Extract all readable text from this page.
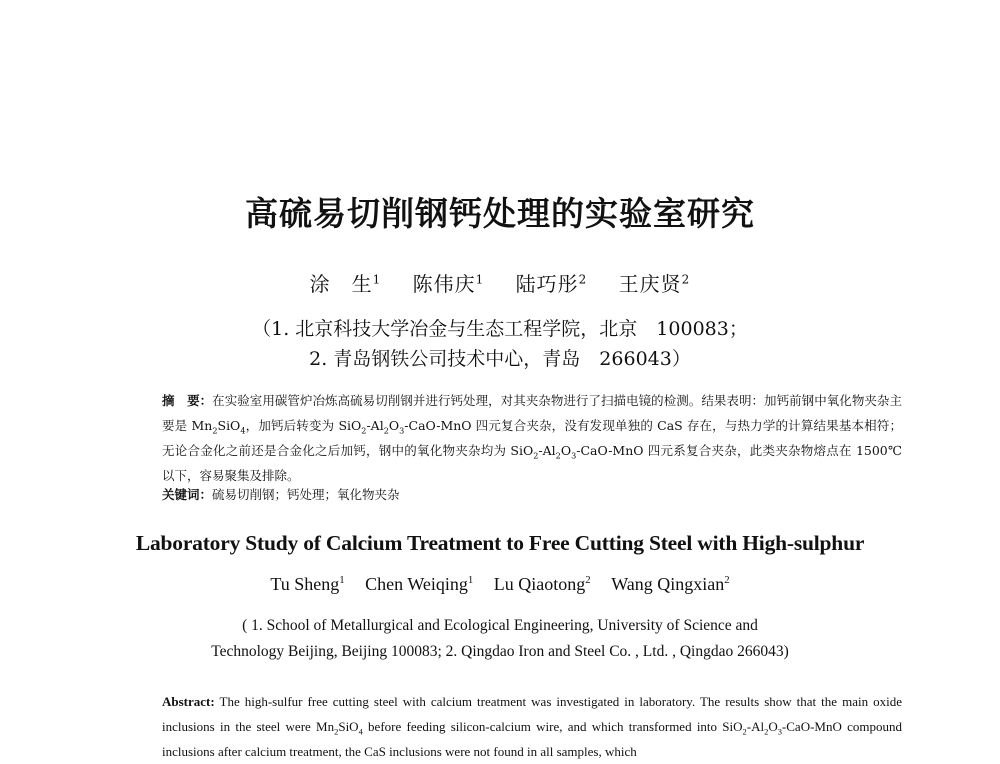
高硫易切削钢钙处理的实验室研究
涂　生$^1$ 陈伟庆$^1$ 陆巧彤$^2$ 王庆贤$^2$
（1. 北京科技大学冶金与生态工程学院，北京　100083；
2. 青岛钢铁公司技术中心，青岛　266043）
摘　要：在实验室用碳管炉冶炼高硫易切削钢并进行钙处理，对其夹杂物进行了扫描电镜的检测。结果表明：加钙前钢中氧化物夹杂主要是 $Mn_2SiO_4$，加钙后转变为 $SiO_2-Al_2O_3-CaO$-MnO 四元复合夹杂，没有发现单独的 CaS 存在，与热力学的计算结果基本相符；无论合金化之前还是合金化之后加钙，钢中的氧化物夹杂均为 $SiO_2-Al_2O_3-CaO$-MnO 四元系复合夹杂，此类夹杂物熔点在 1500℃以下，容易聚集及排除。
关键词：硫易切削钢；钙处理；氧化物夹杂
Laboratory Study of Calcium Treatment to Free Cutting Steel with High-sulphur
Tu Sheng$^1$ Chen Weiqing$^1$ Lu Qiaotong$^2$ Wang Qingxian$^2$
( 1. School of Metallurgical and Ecological Engineering, University of Science and
Technology Beijing, Beijing 100083; 2. Qingdao Iron and Steel Co. , Ltd. , Qingdao 266043)
Abstract: The high-sulfur free cutting steel with calcium treatment was investigated in laboratory. The results show that the main oxide inclusions in the steel were $Mn_2SiO_4$ before feeding silicon-calcium wire, and which transformed into $SiO_2-Al_2O_3-CaO$-MnO compound inclusions after calcium treatment, the CaS inclusions were not found in all samples, which
